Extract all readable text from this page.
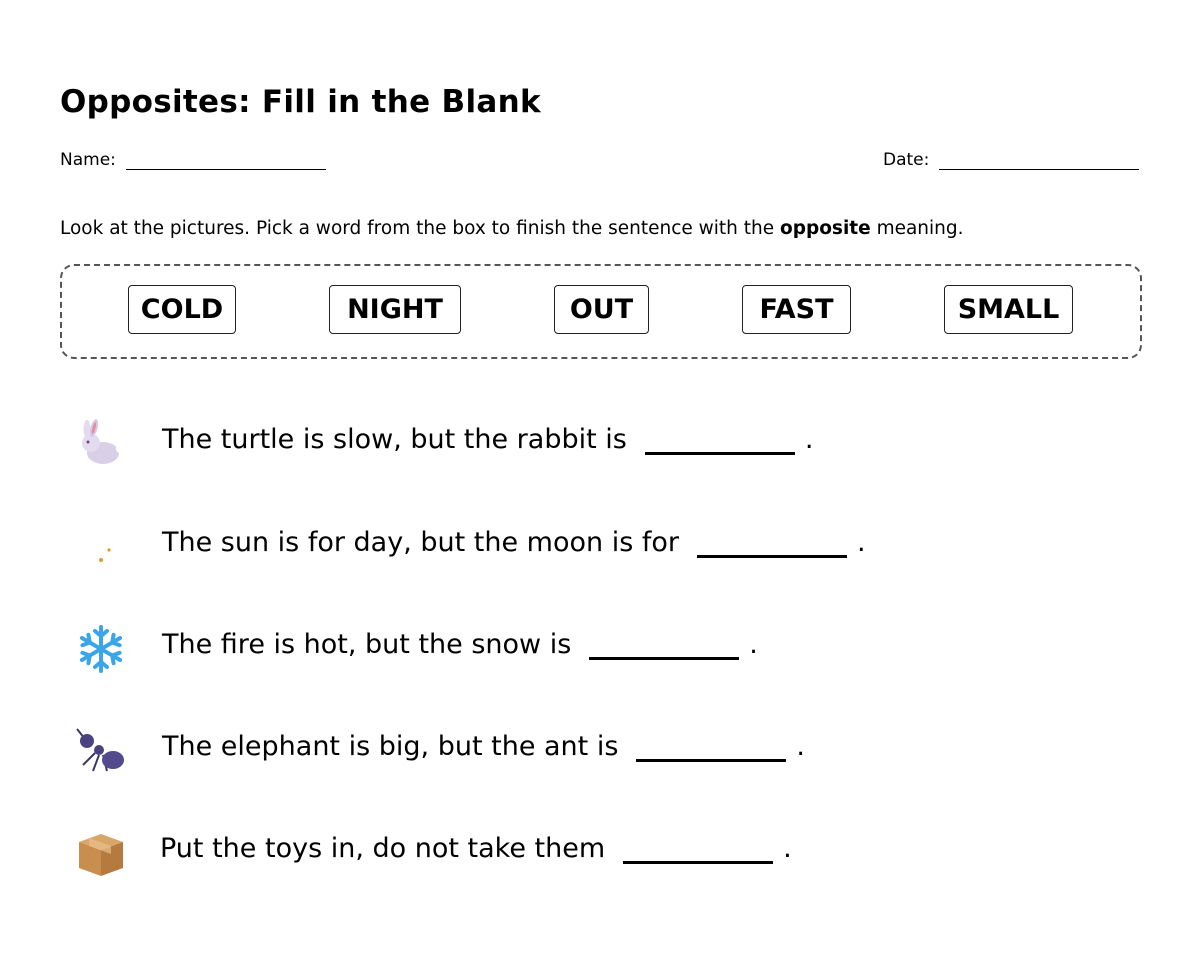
Opposites: Fill in the Blank
Name:	Date:
Look at the pictures. Pick a word from the box to finish the sentence with the opposite meaning.
COLD	NIGHT	OUT	FAST	SMALL
The turtle is slow, but the rabbit is	.
The sun is for day, but the moon is for	.
The fire is hot, but the snow is	.
The elephant is big, but the ant is	.
Put the toys in, do not take them	.
